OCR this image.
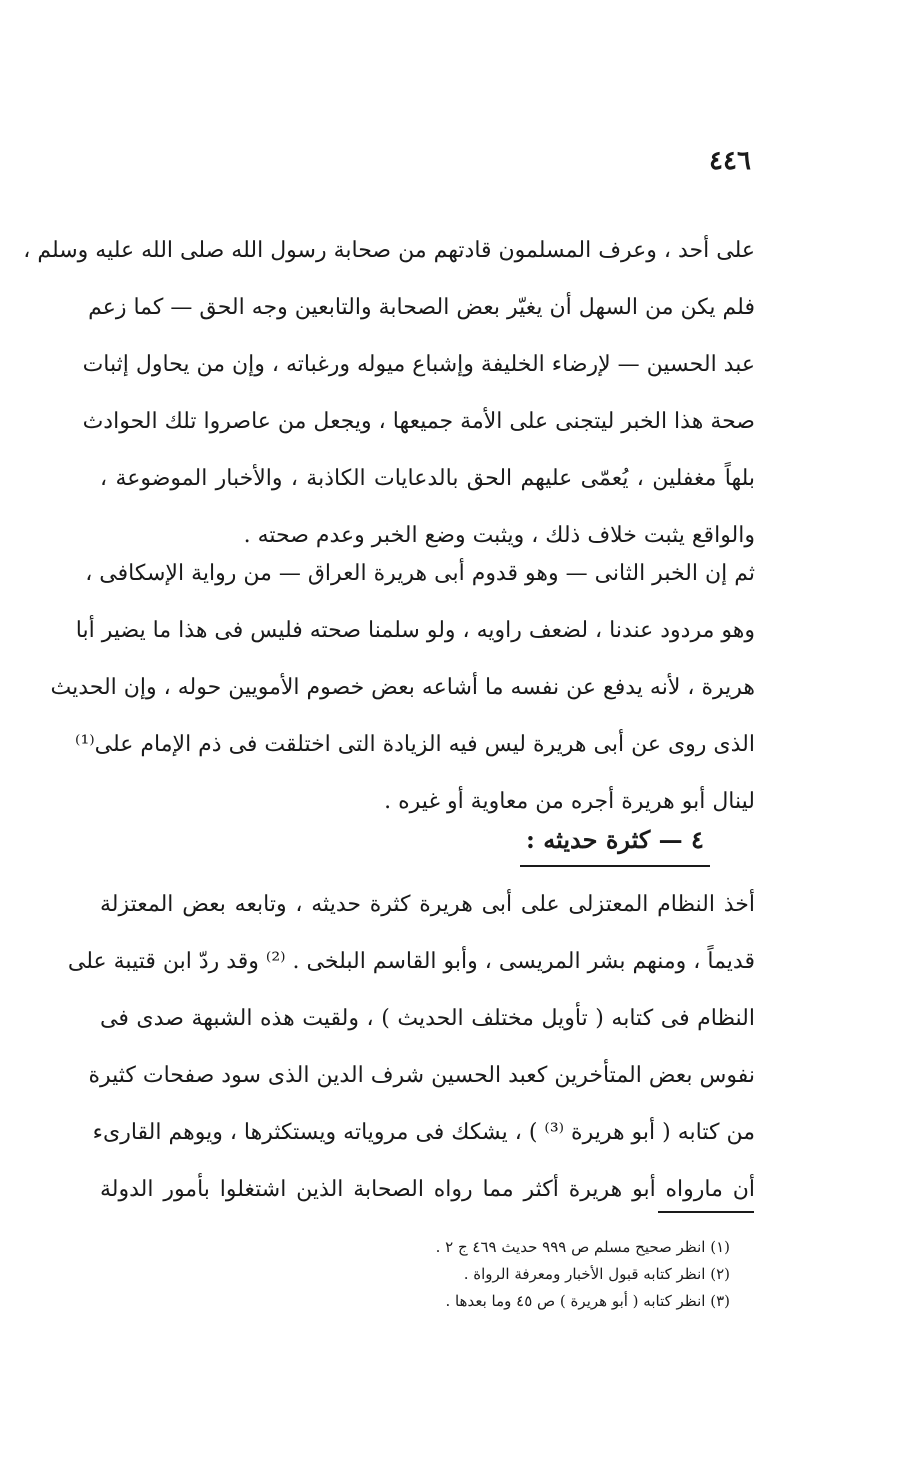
٤٤٦
على أحد ، وعرف المسلمون قادتهم من صحابة رسول الله صلى الله عليه وسلم ،
فلم يكن من السهل أن يغيّر بعض الصحابة والتابعين وجه الحق — كما زعم
عبد الحسين — لإرضاء الخليفة وإشباع ميوله ورغباته ، وإن من يحاول إثبات
صحة هذا الخبر ليتجنى على الأمة جميعها ، ويجعل من عاصروا تلك الحوادث
بلهاً مغفلين ، يُعمّى عليهم الحق بالدعايات الكاذبة ، والأخبار الموضوعة ،
والواقع يثبت خلاف ذلك ، ويثبت وضع الخبر وعدم صحته .
ثم إن الخبر الثانى — وهو قدوم أبى هريرة العراق — من رواية الإسكافى ،
وهو مردود عندنا ، لضعف راويه ، ولو سلمنا صحته فليس فى هذا ما يضير أبا
هريرة ، لأنه يدفع عن نفسه ما أشاعه بعض خصوم الأمويين حوله ، وإن الحديث
الذى روى عن أبى هريرة ليس فيه الزيادة التى اختلقت فى ذم الإمام على⁽¹⁾
لينال أبو هريرة أجره من معاوية أو غيره .
٤ — كثرة حديثه :
أخذ النظام المعتزلى على أبى هريرة كثرة حديثه ، وتابعه بعض المعتزلة
قديماً ، ومنهم بشر المريسى ، وأبو القاسم البلخى . ⁽²⁾ وقد ردّ ابن قتيبة على
النظام فى كتابه ( تأويل مختلف الحديث ) ، ولقيت هذه الشبهة صدى فى
نفوس بعض المتأخرين كعبد الحسين شرف الدين الذى سود صفحات كثيرة
من كتابه ( أبو هريرة ⁽³⁾ ) ، يشكك فى مروياته ويستكثرها ، ويوهم القارىء
أن مارواه أبو هريرة أكثر مما رواه الصحابة الذين اشتغلوا بأمور الدولة
(١) انظر صحيح مسلم ص ٩٩٩ حديث ٤٦٩ ج ٢ .
(٢) انظر كتابه قبول الأخبار ومعرفة الرواة .
(٣) انظر كتابه ( أبو هريرة ) ص ٤٥ وما بعدها .
